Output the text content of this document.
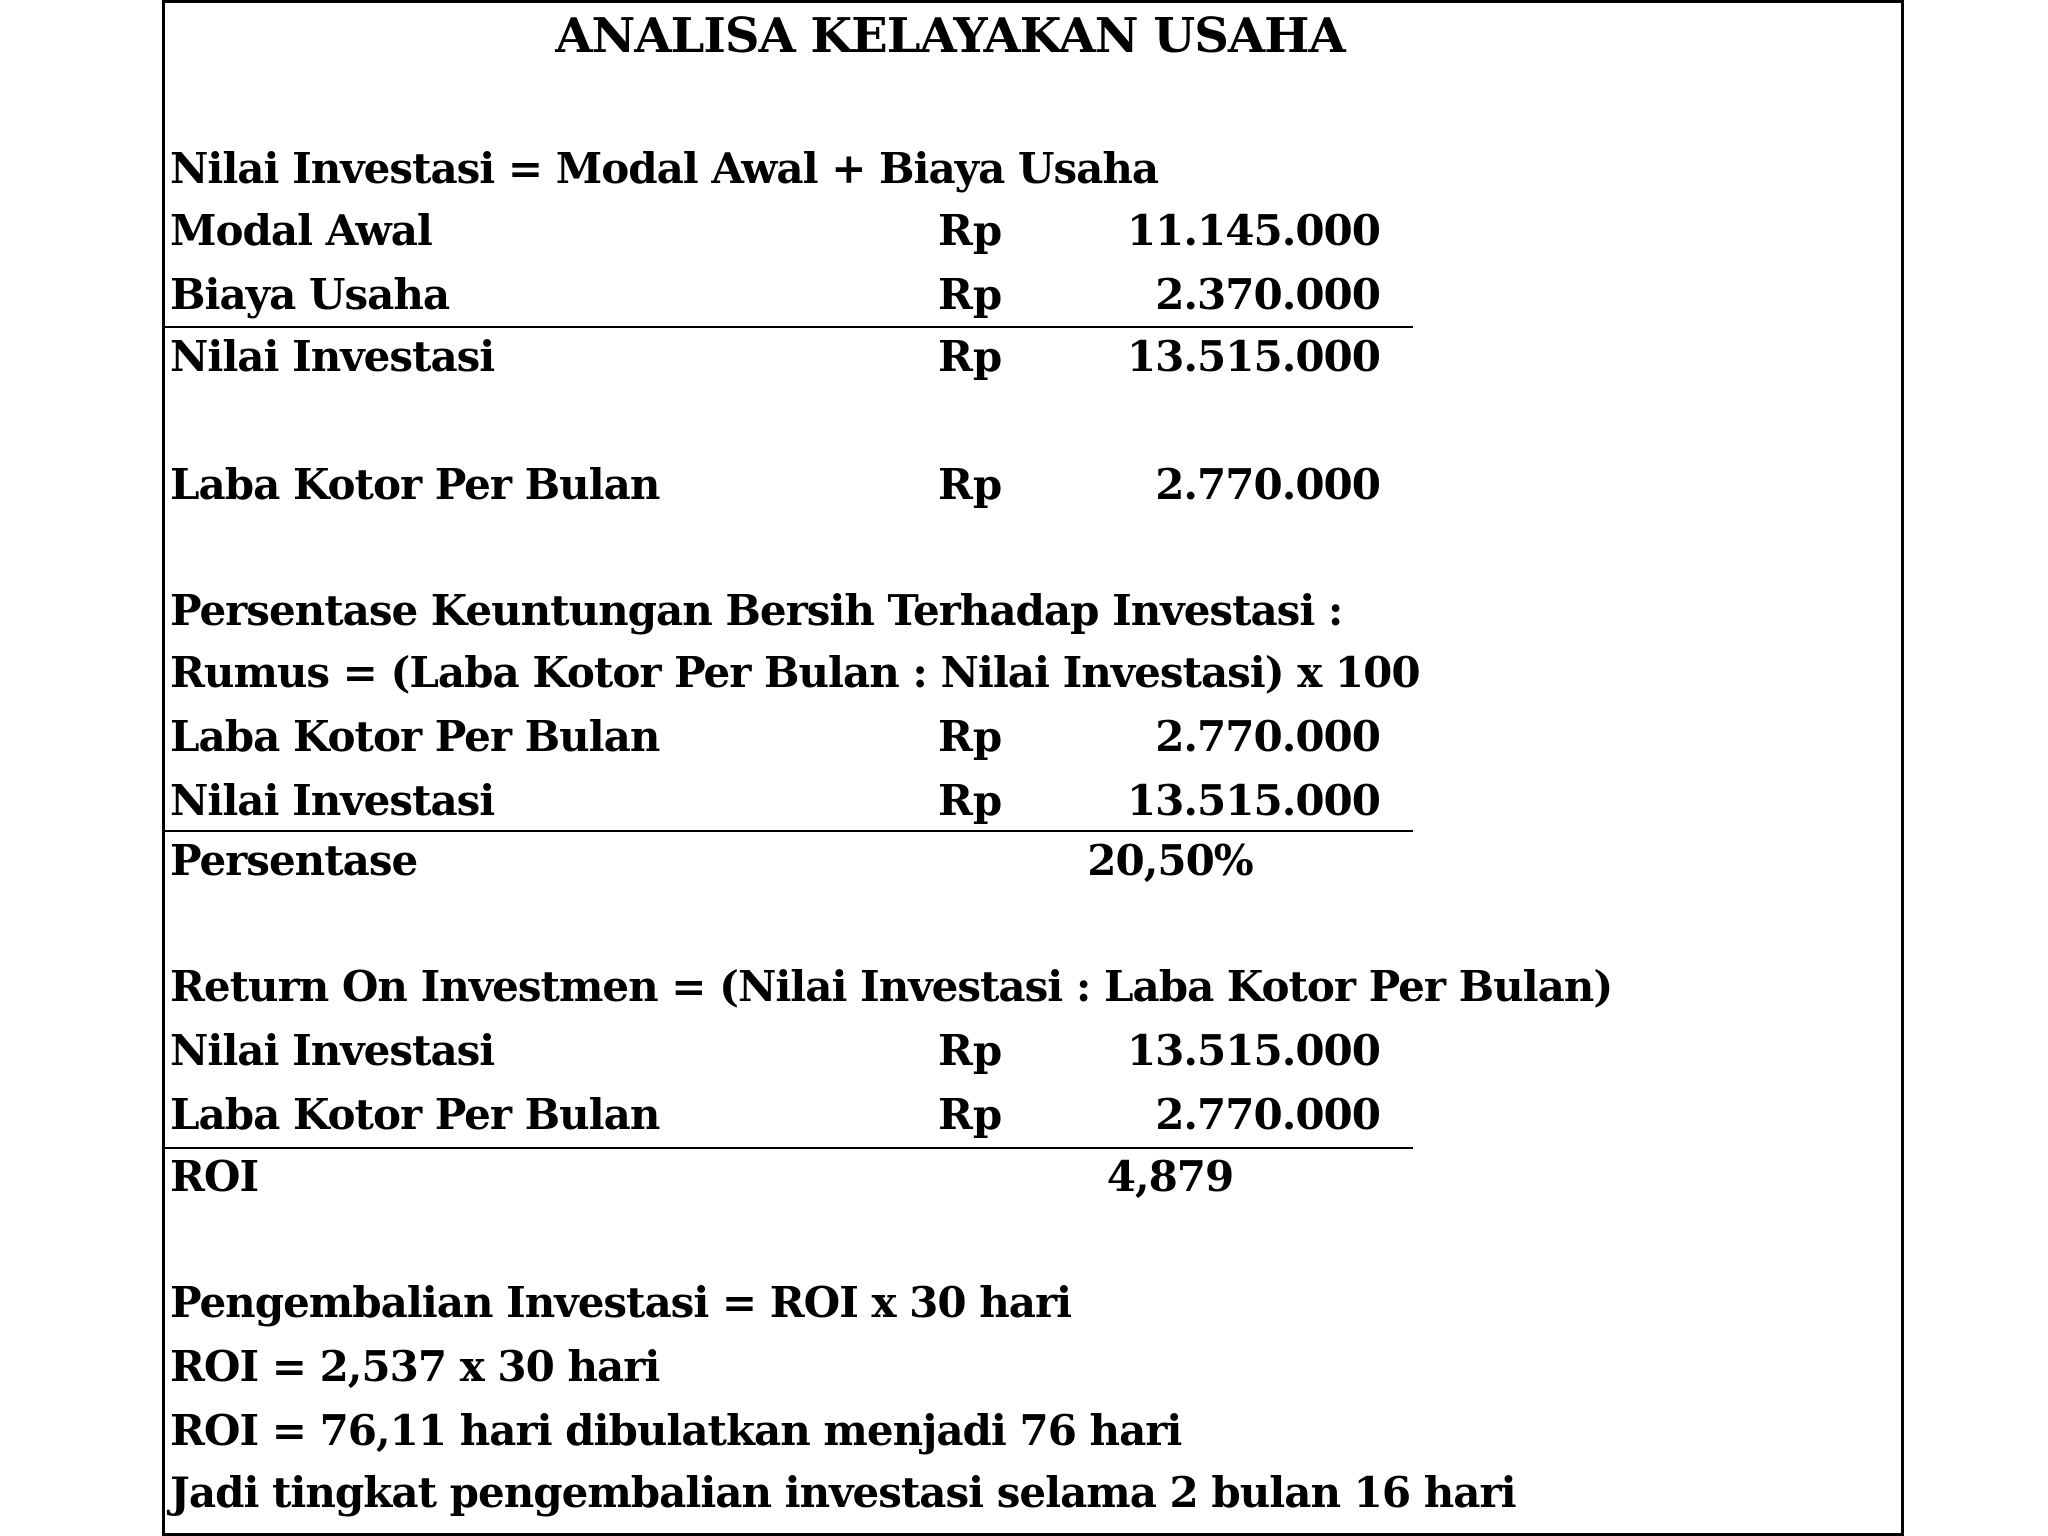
ANALISA KELAYAKAN USAHA
Nilai Investasi = Modal Awal + Biaya Usaha
Modal Awal	Rp	11.145.000
Biaya Usaha	Rp	2.370.000
Nilai Investasi	Rp	13.515.000
Laba Kotor Per Bulan	Rp	2.770.000
Persentase Keuntungan Bersih Terhadap Investasi :
Rumus = (Laba Kotor Per Bulan : Nilai Investasi) x 100
Laba Kotor Per Bulan	Rp	2.770.000
Nilai Investasi	Rp	13.515.000
Persentase	20,50%
Return On Investmen = (Nilai Investasi : Laba Kotor Per Bulan)
Nilai Investasi	Rp	13.515.000
Laba Kotor Per Bulan	Rp	2.770.000
ROI	4,879
Pengembalian Investasi = ROI x 30 hari
ROI = 2,537 x 30 hari
ROI = 76,11 hari dibulatkan menjadi 76 hari
Jadi tingkat pengembalian investasi selama 2 bulan 16 hari
